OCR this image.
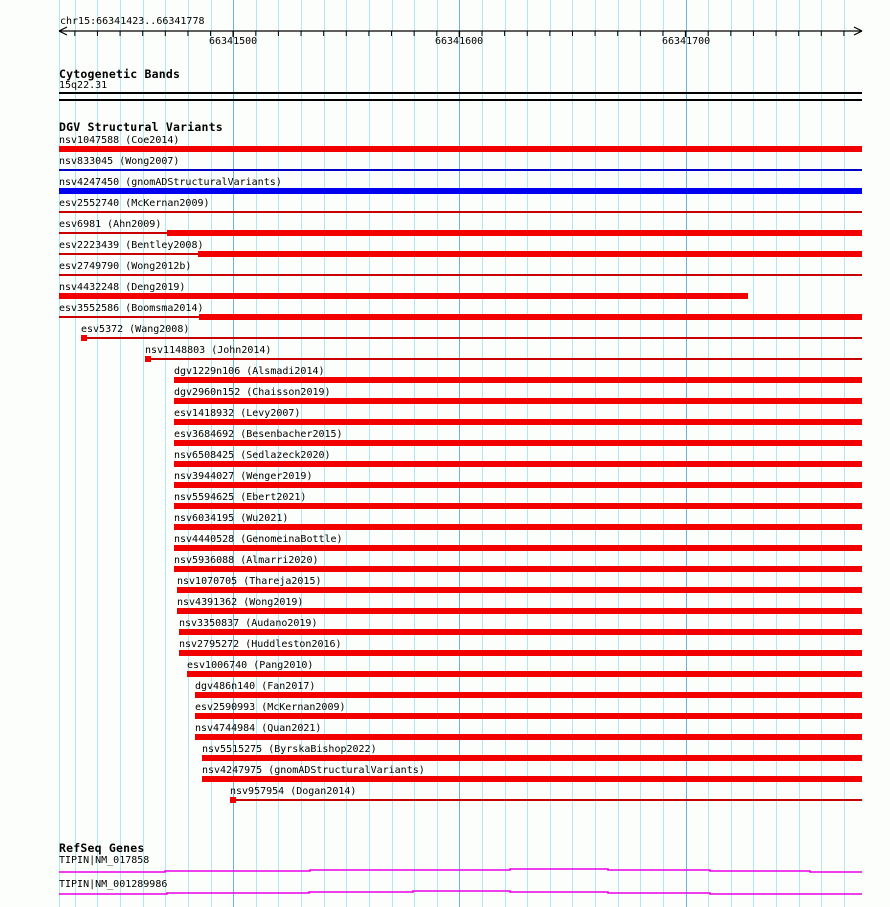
chr15:66341423..66341778
66341500	66341600	66341700
Cytogenetic Bands
15q22.31
DGV Structural Variants
nsv1047588 (Coe2014)
nsv833045 (Wong2007)
nsv4247450 (gnomADStructuralVariants)
esv2552740 (McKernan2009)
esv6981 (Ahn2009)
esv2223439 (Bentley2008)
esv2749790 (Wong2012b)
nsv4432248 (Deng2019)
esv3552586 (Boomsma2014)
esv5372 (Wang2008)
nsv1148803 (John2014)
dgv1229n106 (Alsmadi2014)
dgv2960n152 (Chaisson2019)
esv1418932 (Levy2007)
esv3684692 (Besenbacher2015)
nsv6508425 (Sedlazeck2020)
nsv3944027 (Wenger2019)
nsv5594625 (Ebert2021)
nsv6034195 (Wu2021)
nsv4440528 (GenomeinaBottle)
nsv5936088 (Almarri2020)
nsv1070705 (Thareja2015)
nsv4391362 (Wong2019)
nsv3350837 (Audano2019)
nsv2795272 (Huddleston2016)
esv1006740 (Pang2010)
dgv486n140 (Fan2017)
esv2590993 (McKernan2009)
nsv4744984 (Quan2021)
nsv5515275 (ByrskaBishop2022)
nsv4247975 (gnomADStructuralVariants)
nsv957954 (Dogan2014)
RefSeq Genes
TIPIN|NM_017858
TIPIN|NM_001289986
